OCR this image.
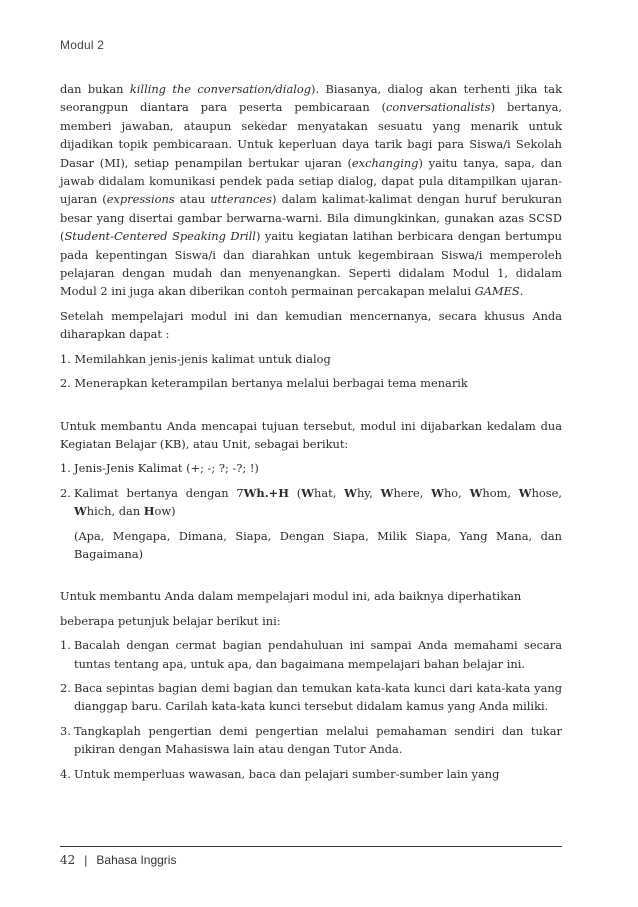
Modul 2

dan bukan killing the conversation/dialog). Biasanya, dialog akan terhenti jika tak seorangpun diantara para peserta pembicaraan (conversationalists) bertanya, memberi jawaban, ataupun sekedar menyatakan sesuatu yang menarik untuk dijadikan topik pembicaraan. Untuk keperluan daya tarik bagi para Siswa/i Sekolah Dasar (MI), setiap penampilan bertukar ujaran (exchanging) yaitu tanya, sapa, dan jawab didalam komunikasi pendek pada setiap dialog, dapat pula ditampilkan ujaran-ujaran (expressions atau utterances) dalam kalimat-kalimat dengan huruf berukuran besar yang disertai gambar berwarna-warni. Bila dimungkinkan, gunakan azas SCSD (Student-Centered Speaking Drill) yaitu kegiatan latihan berbicara dengan bertumpu pada kepentingan Siswa/i dan diarahkan untuk kegembiraan Siswa/i memperoleh pelajaran dengan mudah dan menyenangkan. Seperti didalam Modul 1, didalam Modul 2 ini juga akan diberikan contoh permainan percakapan melalui GAMES.

Setelah mempelajari modul ini dan kemudian mencernanya, secara khusus Anda diharapkan dapat :

1. Memilahkan jenis-jenis kalimat untuk dialog

2. Menerapkan keterampilan bertanya melalui berbagai tema menarik

Untuk membantu Anda mencapai tujuan tersebut, modul ini dijabarkan kedalam dua Kegiatan Belajar (KB), atau Unit, sebagai berikut:

1. Jenis-Jenis Kalimat (+; -; ?; -?; !)
2. Kalimat bertanya dengan 7Wh.+H (What, Why, Where, Who, Whom, Whose, Which, dan How)

(Apa, Mengapa, Dimana, Siapa, Dengan Siapa, Milik Siapa, Yang Mana, dan Bagaimana)

Untuk membantu Anda dalam mempelajari modul ini, ada baiknya diperhatikan

beberapa petunjuk belajar berikut ini:

1. Bacalah dengan cermat bagian pendahuluan ini sampai Anda memahami secara tuntas tentang apa, untuk apa, dan bagaimana mempelajari bahan belajar ini.
2. Baca sepintas bagian demi bagian dan temukan kata-kata kunci dari kata-kata yang dianggap baru. Carilah kata-kata kunci tersebut didalam kamus yang Anda miliki.
3. Tangkaplah pengertian demi pengertian melalui pemahaman sendiri dan tukar pikiran dengan Mahasiswa lain atau dengan Tutor Anda.
4. Untuk memperluas wawasan, baca dan pelajari sumber-sumber lain yang
42 | Bahasa Inggris
